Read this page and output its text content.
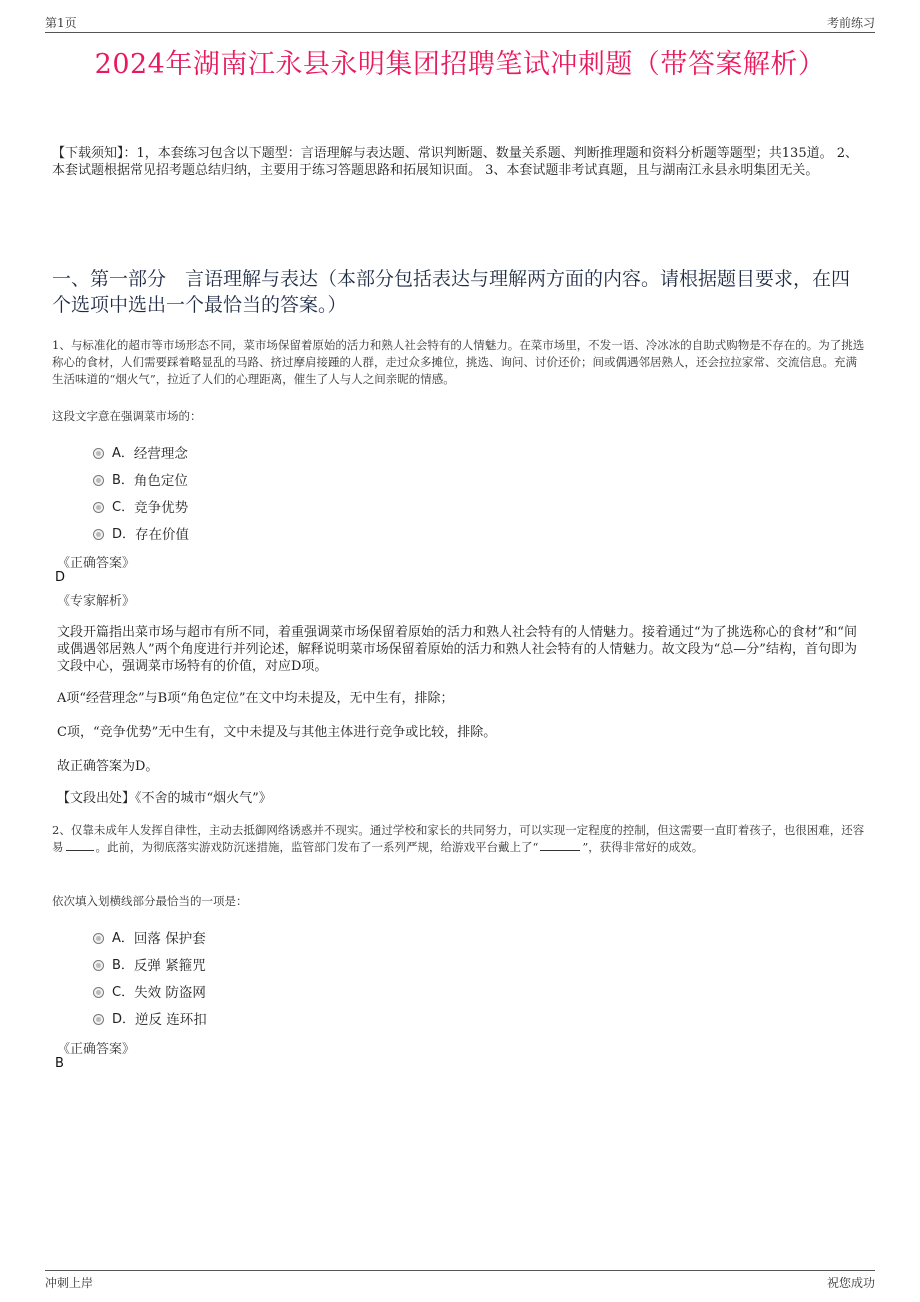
第1页	考前练习
2024年湖南江永县永明集团招聘笔试冲刺题（带答案解析）
【下载须知】：1，本套练习包含以下题型：言语理解与表达题、常识判断题、数量关系题、判断推理题和资料分析题等题型；共135道。 2、本套试题根据常见招考题总结归纳，主要用于练习答题思路和拓展知识面。 3、本套试题非考试真题，且与湖南江永县永明集团无关。
一、第一部分　言语理解与表达（本部分包括表达与理解两方面的内容。请根据题目要求，在四个选项中选出一个最恰当的答案。）
1、与标准化的超市等市场形态不同，菜市场保留着原始的活力和熟人社会特有的人情魅力。在菜市场里，不发一语、冷冰冰的自助式购物是不存在的。为了挑选称心的食材，人们需要踩着略显乱的马路、挤过摩肩接踵的人群，走过众多摊位，挑选、询问、讨价还价；间或偶遇邻居熟人，还会拉拉家常、交流信息。充满生活味道的“烟火气”，拉近了人们的心理距离，催生了人与人之间亲昵的情感。
这段文字意在强调菜市场的：
A． 经营理念
B． 角色定位
C． 竞争优势
D． 存在价值
《正确答案》
D
《专家解析》
文段开篇指出菜市场与超市有所不同，着重强调菜市场保留着原始的活力和熟人社会特有的人情魅力。接着通过“为了挑选称心的食材”和“间或偶遇邻居熟人”两个角度进行并列论述，解释说明菜市场保留着原始的活力和熟人社会特有的人情魅力。故文段为“总—分”结构，首句即为文段中心，强调菜市场特有的价值，对应D项。
A项“经营理念”与B项“角色定位”在文中均未提及，无中生有，排除；
C项，“竞争优势”无中生有，文中未提及与其他主体进行竞争或比较，排除。
故正确答案为D。
【文段出处】《不舍的城市“烟火气”》
2、仅靠未成年人发挥自律性，主动去抵御网络诱惑并不现实。通过学校和家长的共同努力，可以实现一定程度的控制，但这需要一直盯着孩子，也很困难，还容易	。此前，为彻底落实游戏防沉迷措施，监管部门发布了一系列严规，给游戏平台戴上了“	”，获得非常好的成效。
依次填入划横线部分最恰当的一项是：
A． 回落 保护套
B． 反弹 紧箍咒
C． 失效 防盗网
D． 逆反 连环扣
《正确答案》
B
冲刺上岸	祝您成功
